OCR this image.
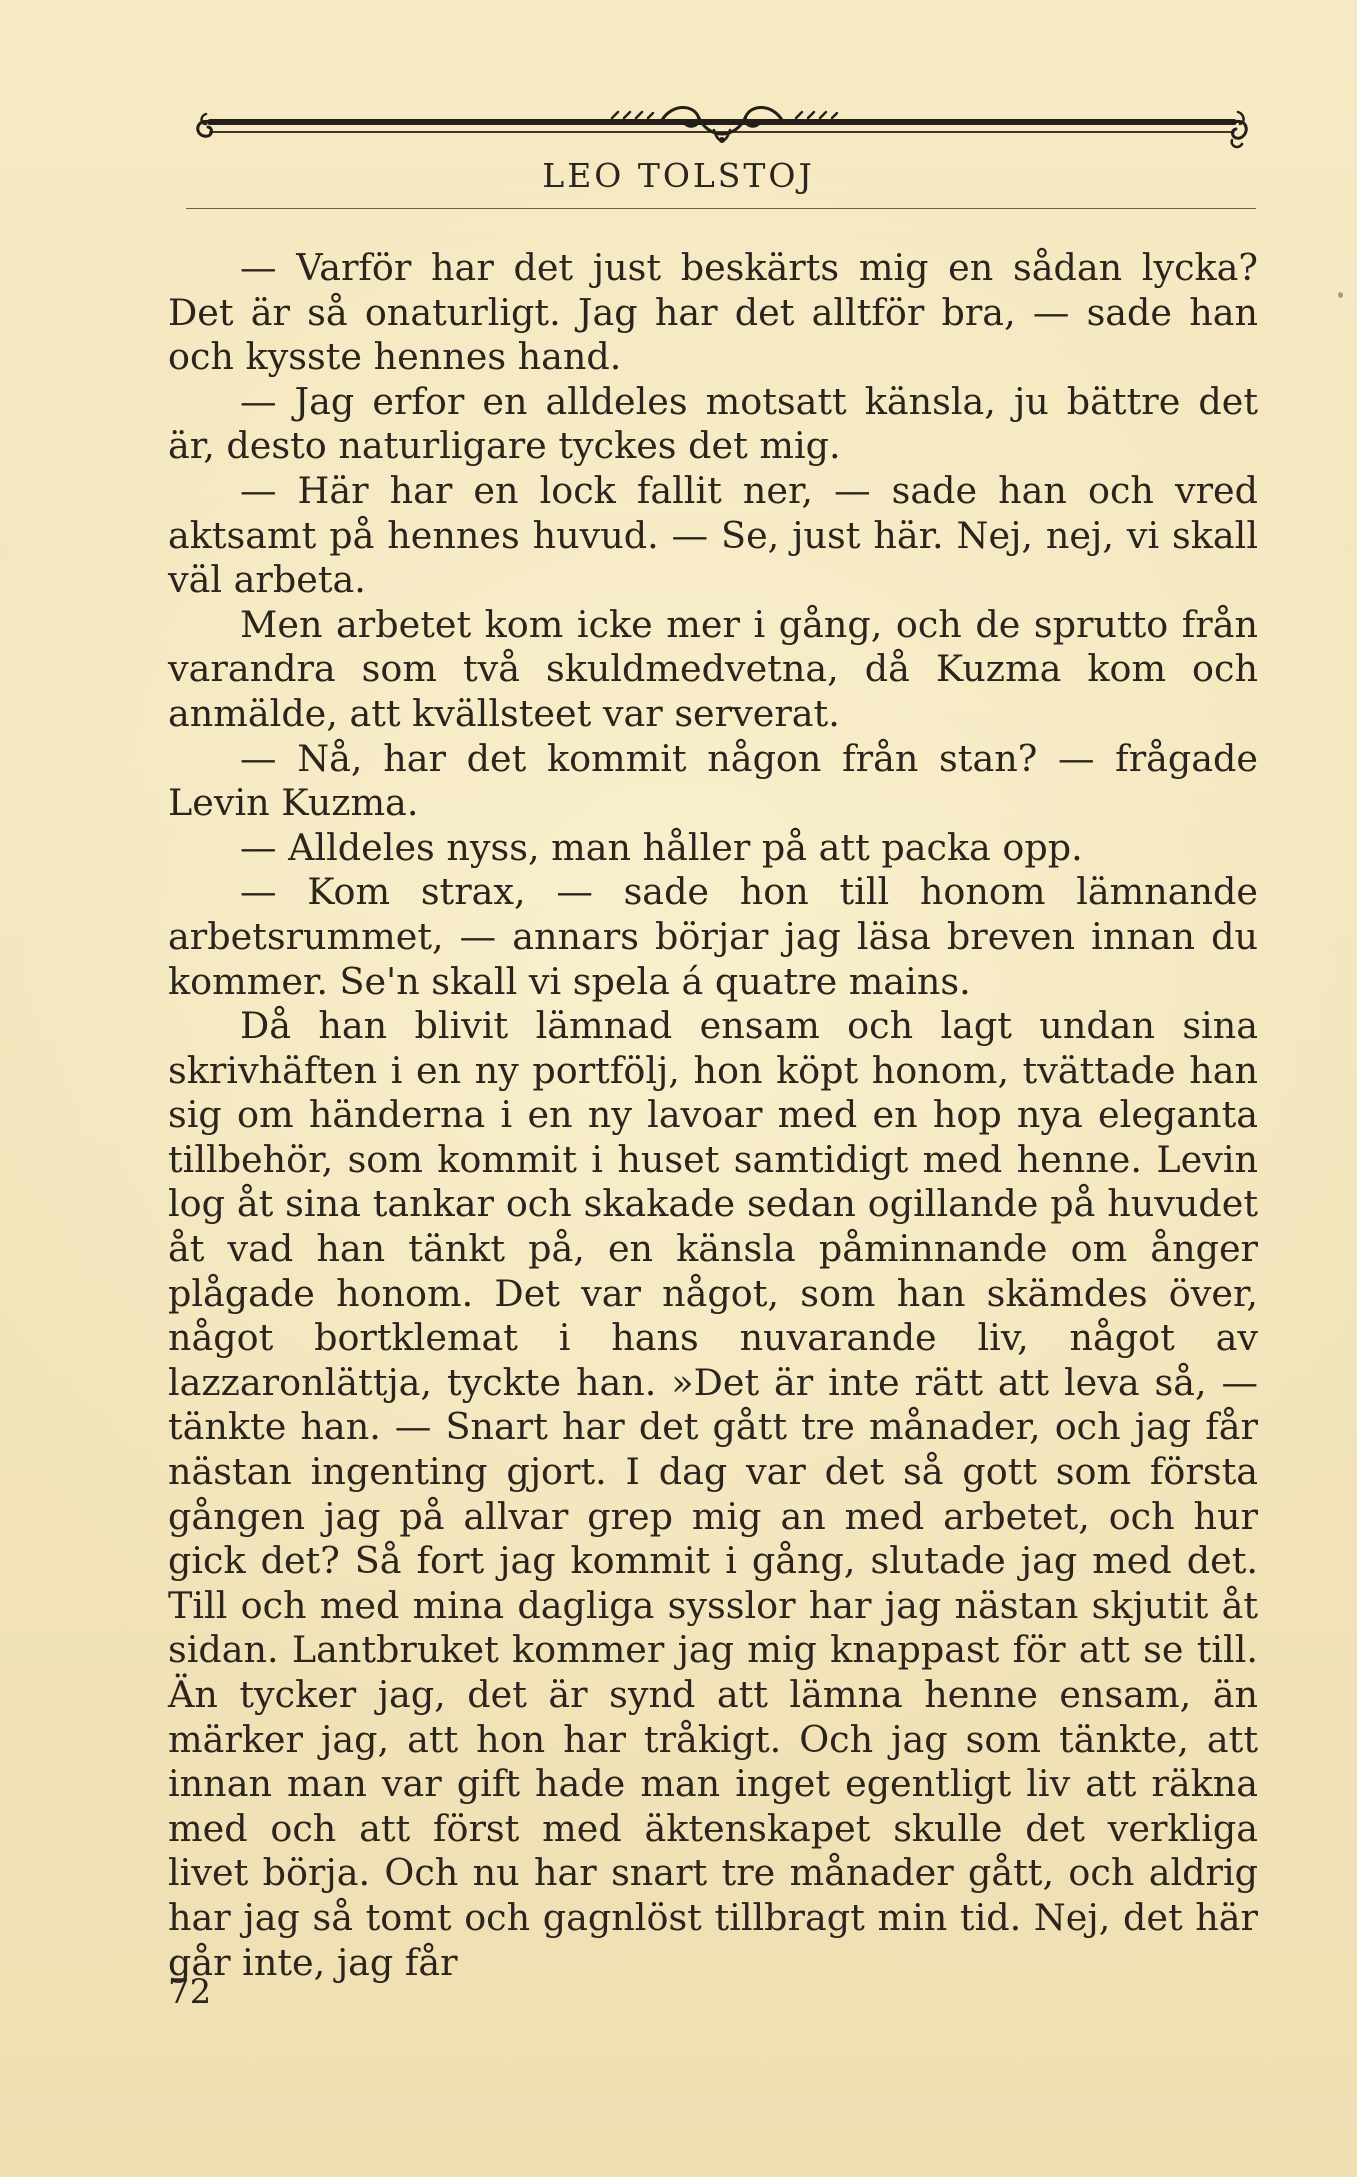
LEO TOLSTOJ

— Varför har det just beskärts mig en sådan lycka? Det är så onaturligt. Jag har det alltför bra, — sade han och kysste hennes hand.

— Jag erfor en alldeles motsatt känsla, ju bättre det är, desto naturligare tyckes det mig.

— Här har en lock fallit ner, — sade han och vred aktsamt på hennes huvud. — Se, just här. Nej, nej, vi skall väl arbeta.

Men arbetet kom icke mer i gång, och de sprutto från varandra som två skuldmedvetna, då Kuzma kom och anmälde, att kvällsteet var serverat.

— Nå, har det kommit någon från stan? — frågade Levin Kuzma.

— Alldeles nyss, man håller på att packa opp.

— Kom strax, — sade hon till honom lämnande arbetsrummet, — annars börjar jag läsa breven innan du kommer. Se'n skall vi spela á quatre mains.

Då han blivit lämnad ensam och lagt undan sina skrivhäften i en ny portfölj, hon köpt honom, tvättade han sig om händerna i en ny lavoar med en hop nya eleganta tillbehör, som kommit i huset samtidigt med henne. Levin log åt sina tankar och skakade sedan ogillande på huvudet åt vad han tänkt på, en känsla påminnande om ånger plågade honom. Det var något, som han skämdes över, något bortklemat i hans nuvarande liv, något av lazzaronlättja, tyckte han. »Det är inte rätt att leva så, — tänkte han. — Snart har det gått tre månader, och jag får nästan ingenting gjort. I dag var det så gott som första gången jag på allvar grep mig an med arbetet, och hur gick det? Så fort jag kommit i gång, slutade jag med det. Till och med mina dagliga sysslor har jag nästan skjutit åt sidan. Lantbruket kommer jag mig knappast för att se till. Än tycker jag, det är synd att lämna henne ensam, än märker jag, att hon har tråkigt. Och jag som tänkte, att innan man var gift hade man inget egentligt liv att räkna med och att först med äktenskapet skulle det verkliga livet börja. Och nu har snart tre månader gått, och aldrig har jag så tomt och gagnlöst tillbragt min tid. Nej, det här går inte, jag får

72
